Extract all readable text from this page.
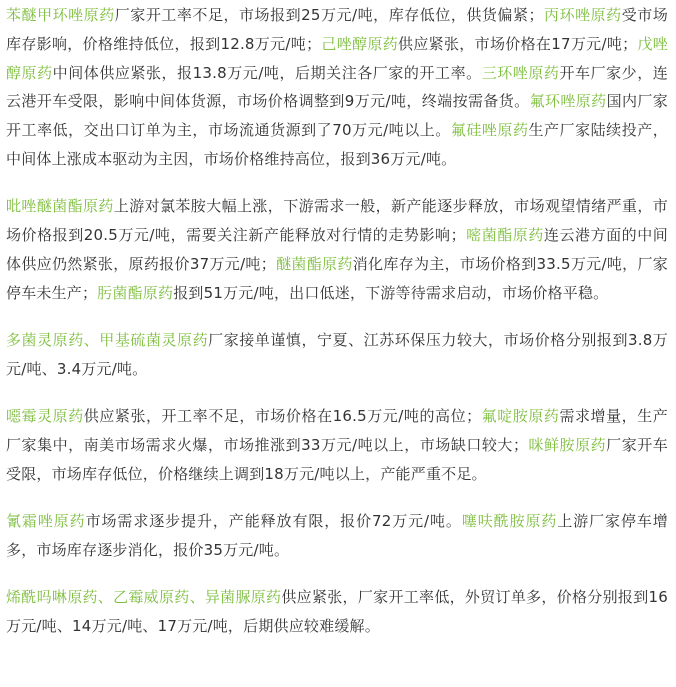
苯醚甲环唑原药厂家开工率不足，市场报到25万元/吨，库存低位，供货偏紧；丙环唑原药受市场库存影响，价格维持低位，报到12.8万元/吨；己唑醇原药供应紧张，市场价格在17万元/吨；戊唑醇原药中间体供应紧张，报13.8万元/吨，后期关注各厂家的开工率。三环唑原药开车厂家少，连云港开车受限，影响中间体货源，市场价格调整到9万元/吨，终端按需备货。氟环唑原药国内厂家开工率低，交出口订单为主，市场流通货源到了70万元/吨以上。氟硅唑原药生产厂家陆续投产，中间体上涨成本驱动为主因，市场价格维持高位，报到36万元/吨。

吡唑醚菌酯原药上游对氯苯胺大幅上涨，下游需求一般，新产能逐步释放，市场观望情绪严重，市场价格报到20.5万元/吨，需要关注新产能释放对行情的走势影响；嘧菌酯原药连云港方面的中间体供应仍然紧张，原药报价37万元/吨；醚菌酯原药消化库存为主，市场价格到33.5万元/吨，厂家停车未生产；肟菌酯原药报到51万元/吨，出口低迷，下游等待需求启动，市场价格平稳。

多菌灵原药、甲基硫菌灵原药厂家接单谨慎，宁夏、江苏环保压力较大，市场价格分别报到3.8万元/吨、3.4万元/吨。

噁霉灵原药供应紧张，开工率不足，市场价格在16.5万元/吨的高位；氟啶胺原药需求增量，生产厂家集中，南美市场需求火爆，市场推涨到33万元/吨以上，市场缺口较大；咪鲜胺原药厂家开车受限，市场库存低位，价格继续上调到18万元/吨以上，产能严重不足。

氰霜唑原药市场需求逐步提升，产能释放有限，报价72万元/吨。噻呋酰胺原药上游厂家停车增多，市场库存逐步消化，报价35万元/吨。

烯酰吗啉原药、乙霉威原药、异菌脲原药供应紧张，厂家开工率低，外贸订单多，价格分别报到16万元/吨、14万元/吨、17万元/吨，后期供应较难缓解。
